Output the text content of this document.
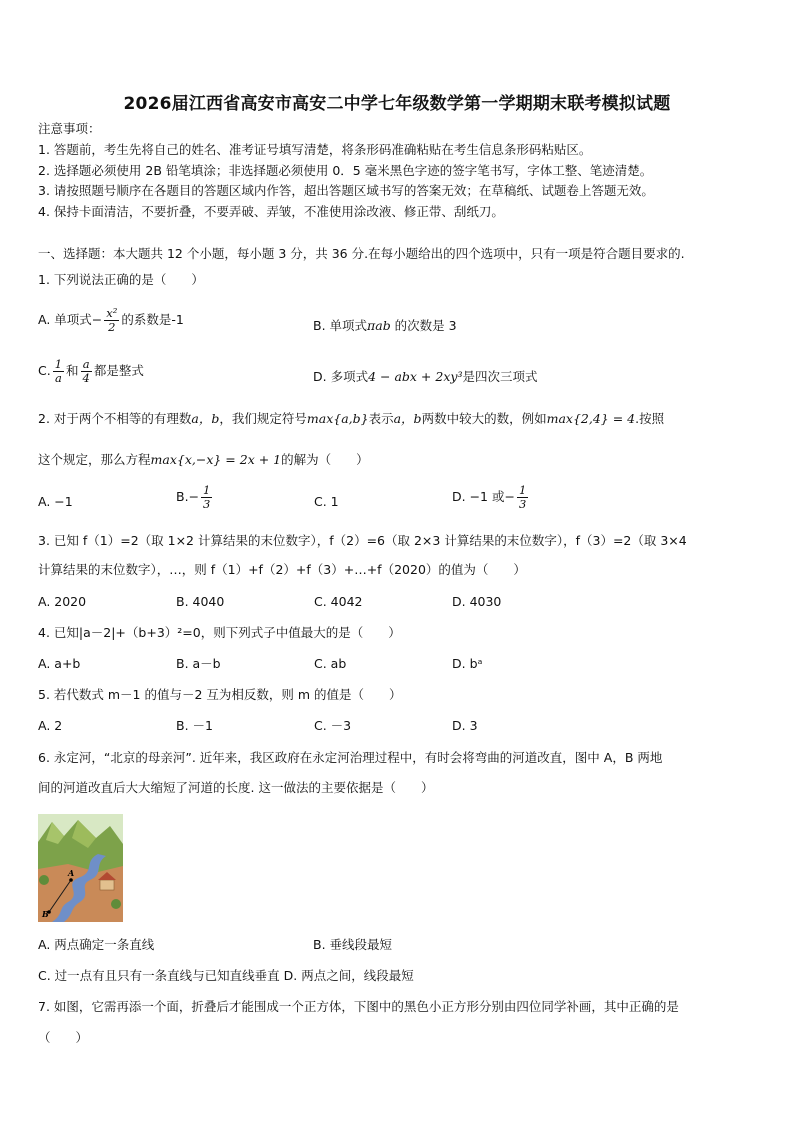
2026届江西省高安市高安二中学七年级数学第一学期期末联考模拟试题
注意事项：
1. 答题前，考生先将自己的姓名、准考证号填写清楚，将条形码准确粘贴在考生信息条形码粘贴区。
2. 选择题必须使用 2B 铅笔填涂；非选择题必须使用 0．5 毫米黑色字迹的签字笔书写，字体工整、笔迹清楚。
3. 请按照题号顺序在各题目的答题区域内作答，超出答题区域书写的答案无效；在草稿纸、试题卷上答题无效。
4. 保持卡面清洁，不要折叠，不要弄破、弄皱，不准使用涂改液、修正带、刮纸刀。
一、选择题：本大题共 12 个小题，每小题 3 分，共 36 分.在每小题给出的四个选项中，只有一项是符合题目要求的.
1. 下列说法正确的是（　　）
A. 单项式− $\frac{\text{x²}}{2}$ 的系数是-1	B. 单项式πab 的次数是 3
C. $\frac{1}{a}$ 和 $\frac{a}{4}$ 都是整式	D. 多项式4 − abx + 2xy³是四次三项式
2. 对于两个不相等的有理数a，b，我们规定符号max{a,b}表示a，b两数中较大的数，例如max{2,4} = 4.按照
这个规定，那么方程max{x,−x} = 2x + 1的解为（　　）
A. −1	$B.- \frac{1}{3}$	C. 1	D. −1 或− $\frac{1}{3}$
3. 已知 f（1）=2（取 1×2 计算结果的末位数字），f（2）=6（取 2×3 计算结果的末位数字），f（3）=2（取 3×4
计算结果的末位数字），…，则 f（1）+f（2）+f（3）+…+f（2020）的值为（　　）
A. 2020	B. 4040	C. 4042	D. 4030
4. 已知|a－2|+（b+3）²=0，则下列式子中值最大的是（　　）
A. a+b	B. a－b	C. ab	D. bᵃ
5. 若代数式 m－1 的值与－2 互为相反数，则 m 的值是（　　）
A. 2	B. －1	C. －3	D. 3
6. 永定河，“北京的母亲河”. 近年来，我区政府在永定河治理过程中，有时会将弯曲的河道改直，图中 A，B 两地
间的河道改直后大大缩短了河道的长度. 这一做法的主要依据是（　　）
A
B
A. 两点确定一条直线	B. 垂线段最短
C. 过一点有且只有一条直线与已知直线垂直 D. 两点之间，线段最短
7. 如图，它需再添一个面，折叠后才能围成一个正方体，下图中的黑色小正方形分别由四位同学补画，其中正确的是
（　　）
